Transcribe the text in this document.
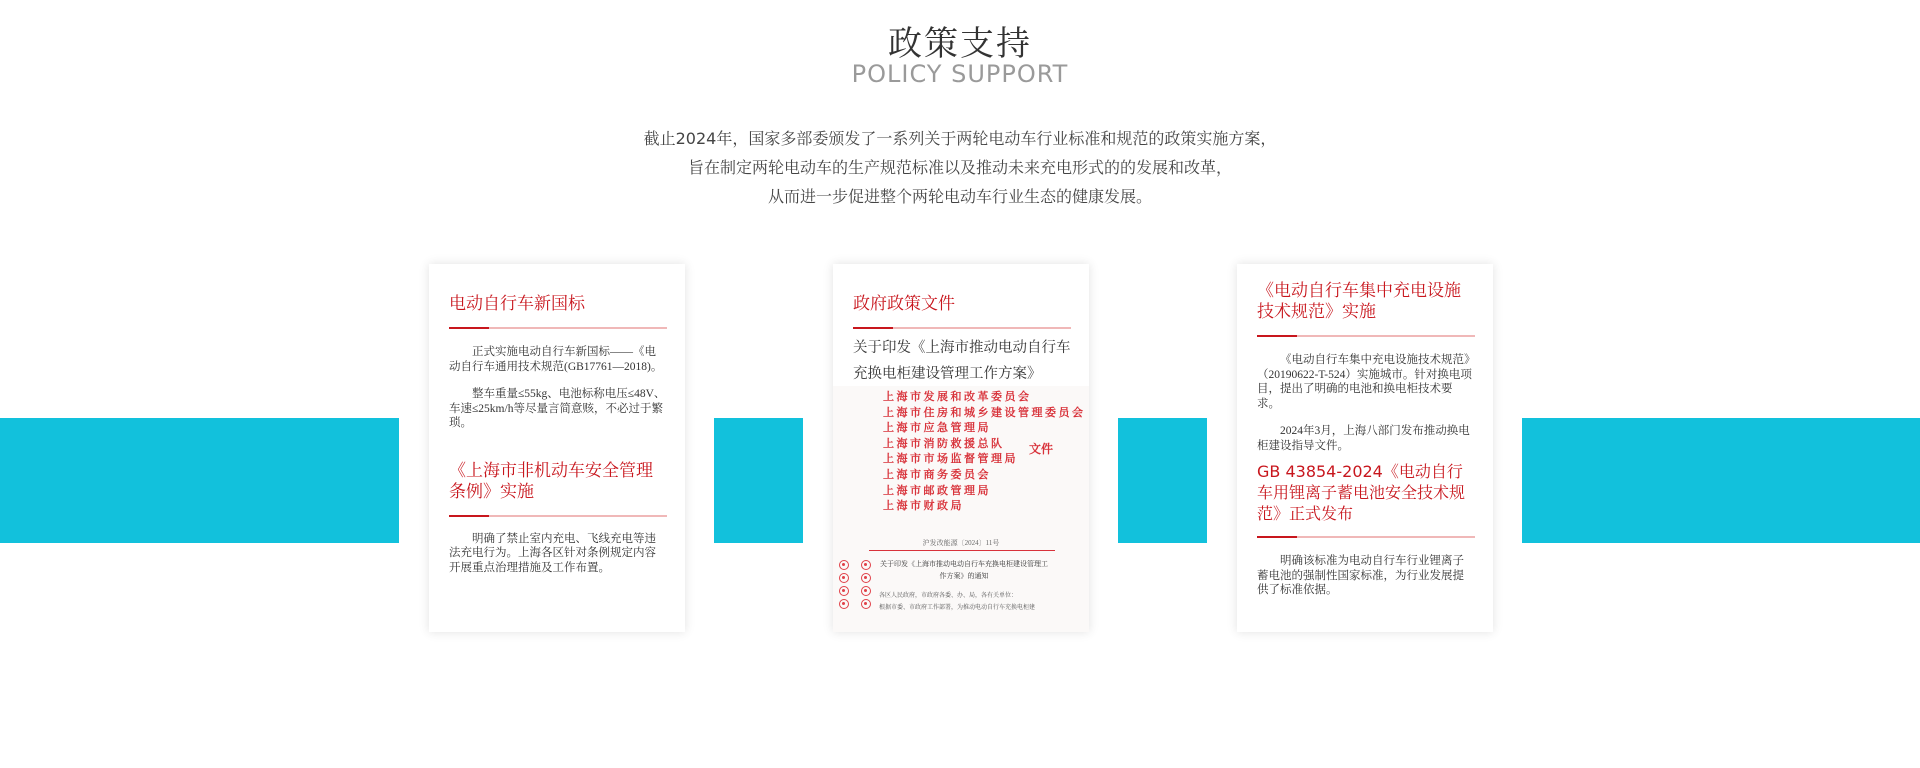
政策支持
POLICY SUPPORT
截止2024年，国家多部委颁发了一系列关于两轮电动车行业标准和规范的政策实施方案，
旨在制定两轮电动车的生产规范标准以及推动未来充电形式的的发展和改革，
从而进一步促进整个两轮电动车行业生态的健康发展。
电动自行车新国标
正式实施电动自行车新国标——《电动自行车通用技术规范(GB17761—2018)。
整车重量≤55kg、电池标称电压≤48V、车速≤25km/h等尽量言简意赅，不必过于繁琐。
《上海市非机动车安全管理条例》实施
明确了禁止室内充电、飞线充电等违法充电行为。上海各区针对条例规定内容开展重点治理措施及工作布置。
政府政策文件
关于印发《上海市推动电动自行车充换电柜建设管理工作方案》
上海市发展和改革委员会
上海市住房和城乡建设管理委员会
上海市应急管理局
上海市消防救援总队
上海市市场监督管理局
上海市商务委员会
上海市邮政管理局
上海市财政局
文件
沪发改能源〔2024〕11号
关于印发《上海市推动电动自行车充换电柜建设管理工作方案》的通知
各区人民政府，市政府各委、办、局，各有关单位：
根据市委、市政府工作部署，为推动电动自行车充换电柜建
《电动自行车集中充电设施技术规范》实施
《电动自行车集中充电设施技术规范》（20190622-T-524）实施城市。针对换电项目，提出了明确的电池和换电柜技术要求。
2024年3月，上海八部门发布推动换电柜建设指导文件。
GB 43854-2024《电动自行车用锂离子蓄电池安全技术规范》正式发布
明确该标准为电动自行车行业锂离子蓄电池的强制性国家标准，为行业发展提供了标准依据。
